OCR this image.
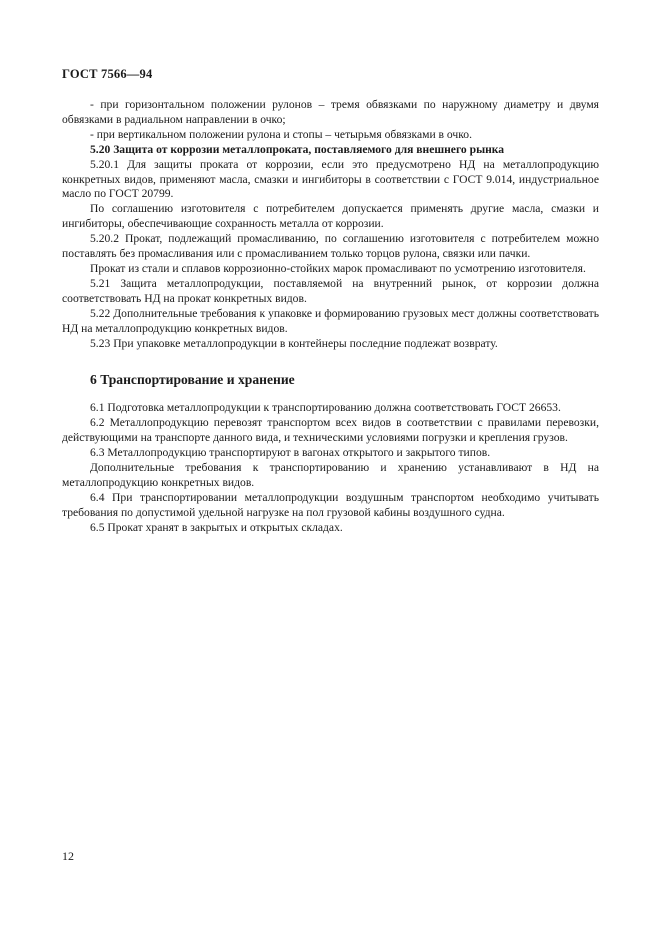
ГОСТ 7566—94

- при горизонтальном положении рулонов – тремя обвязками по наружному диаметру и двумя обвязками в радиальном направлении в очко;

- при вертикальном положении рулона и стопы – четырьмя обвязками в очко.

5.20 Защита от коррозии металлопроката, поставляемого для внешнего рынка

5.20.1 Для защиты проката от коррозии, если это предусмотрено НД на металлопродукцию конкретных видов, применяют масла, смазки и ингибиторы в соответствии с ГОСТ 9.014, индустриальное масло по ГОСТ 20799.

По соглашению изготовителя с потребителем допускается применять другие масла, смазки и ингибиторы, обеспечивающие сохранность металла от коррозии.

5.20.2 Прокат, подлежащий промасливанию, по соглашению изготовителя с потребителем можно поставлять без промасливания или с промасливанием только торцов рулона, связки или пачки.

Прокат из стали и сплавов коррозионно-стойких марок промасливают по усмотрению изготовителя.

5.21 Защита металлопродукции, поставляемой на внутренний рынок, от коррозии должна соответствовать НД на прокат конкретных видов.

5.22 Дополнительные требования к упаковке и формированию грузовых мест должны соответствовать НД на металлопродукцию конкретных видов.

5.23 При упаковке металлопродукции в контейнеры последние подлежат возврату.

6 Транспортирование и хранение

6.1 Подготовка металлопродукции к транспортированию должна соответствовать ГОСТ 26653.

6.2 Металлопродукцию перевозят транспортом всех видов в соответствии с правилами перевозки, действующими на транспорте данного вида, и техническими условиями погрузки и крепления грузов.

6.3 Металлопродукцию транспортируют в вагонах открытого и закрытого типов.

Дополнительные требования к транспортированию и хранению устанавливают в НД на металлопродукцию конкретных видов.

6.4 При транспортировании металлопродукции воздушным транспортом необходимо учитывать требования по допустимой удельной нагрузке на пол грузовой кабины воздушного судна.

6.5 Прокат хранят в закрытых и открытых складах.

12
